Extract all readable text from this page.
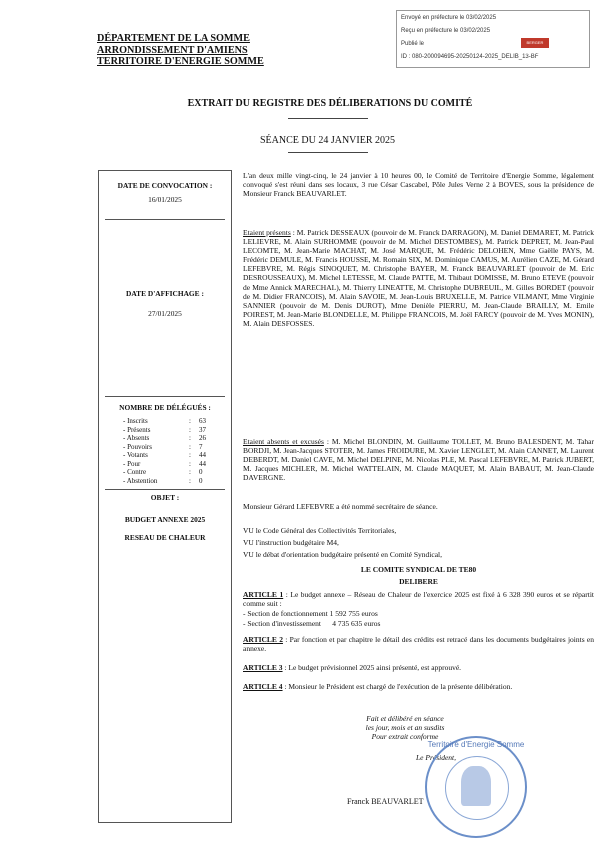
DÉPARTEMENT DE LA SOMME
ARRONDISSEMENT D'AMIENS
TERRITOIRE D'ENERGIE SOMME
Envoyé en préfecture le 03/02/2025
Reçu en préfecture le 03/02/2025
Publié le
ID : 080-200094695-20250124-2025_DELIB_13-BF
BERGER LEVRAULT
EXTRAIT DU REGISTRE DES DÉLIBERATIONS DU COMITÉ
SÉANCE DU 24 JANVIER 2025
DATE DE CONVOCATION :
16/01/2025
DATE D'AFFICHAGE :
27/01/2025
NOMBRE DE DÉLÉGUÉS :
OBJET :
BUDGET ANNEXE 2025
RESEAU DE CHALEUR
- Inscrits	: 63
- Présents	: 37
- Absents	: 26
- Pouvoirs	: 7
- Votants	: 44
- Pour	: 44
- Contre	: 0
- Abstention	: 0
L'an deux mille vingt-cinq, le 24 janvier à 10 heures 00, le Comité de Territoire d'Energie Somme, légalement convoqué s'est réuni dans ses locaux, 3 rue César Cascabel, Pôle Jules Verne 2 à BOVES, sous la présidence de Monsieur Franck BEAUVARLET.
Etaient présents : M. Patrick DESSEAUX (pouvoir de M. Franck DARRAGON), M. Daniel DEMARET, M. Patrick LELIEVRE, M. Alain SURHOMME (pouvoir de M. Michel DESTOMBES), M. Patrick DEPRET, M. Jean-Paul LECOMTE, M. Jean-Marie MACHAT, M. José MARQUE, M. Frédéric DELOHEN, Mme Gaëlle PAYS, M. Frédéric DEMULE, M. Francis HOUSSE, M. Romain SIX, M. Dominique CAMUS, M. Aurélien CAZE, M. Gérard LEFEBVRE, M. Régis SINOQUET, M. Christophe BAYER, M. Franck BEAUVARLET (pouvoir de M. Eric DESROUSSEAUX), M. Michel LETESSE, M. Claude PATTE, M. Thibaut DOMISSE, M. Bruno ETEVE (pouvoir de Mme Annick MARECHAL), M. Thierry LINEATTE, M. Christophe DUBREUIL, M. Gilles BORDET (pouvoir de M. Didier FRANCOIS), M. Alain SAVOIE, M. Jean-Louis BRUXELLE, M. Patrice VILMANT, Mme Virginie SANNIER (pouvoir de M. Denis DUROT), Mme Denièle PIERRU, M. Jean-Claude BRAILLY, M. Emile POIREST, M. Jean-Marie BLONDELLE, M. Philippe FRANCOIS, M. Joël FARCY (pouvoir de M. Yves MONIN), M. Alain DESFOSSES.
Etaient absents et excusés : M. Michel BLONDIN, M. Guillaume TOLLET, M. Bruno BALESDENT, M. Tahar BORDJI, M. Jean-Jacques STOTER, M. James FROIDURE, M. Xavier LENGLET, M. Alain CANNET, M. Laurent DEBERDT, M. Daniel CAVE, M. Michel DELPINE, M. Nicolas PLE, M. Pascal LEFEBVRE, M. Patrick JUBERT, M. Jacques MICHLER, M. Michel WATTELAIN, M. Claude MAQUET, M. Alain BABAUT, M. Jean-Claude DAVERGNE.
Monsieur Gérard LEFEBVRE a été nommé secrétaire de séance.
VU le Code Général des Collectivités Territoriales,
VU l'instruction budgétaire M4,
VU le débat d'orientation budgétaire présenté en Comité Syndical,
LE COMITE SYNDICAL DE TE80
DELIBERE
ARTICLE 1 : Le budget annexe – Réseau de Chaleur de l'exercice 2025 est fixé à 6 328 390 euros et se répartit comme suit :
- Section de fonctionnement 1 592 755 euros
- Section d'investissement      4 735 635 euros
ARTICLE 2 : Par fonction et par chapitre le détail des crédits est retracé dans les documents budgétaires joints en annexe.
ARTICLE 3 : Le budget prévisionnel 2025 ainsi présenté, est approuvé.
ARTICLE 4 : Monsieur le Président est chargé de l'exécution de la présente délibération.
Fait et délibéré en séance
les jour, mois et an susdits
Pour extrait conforme
Le Président,
Territoire d'Energie Somme
Franck BEAUVARLET
